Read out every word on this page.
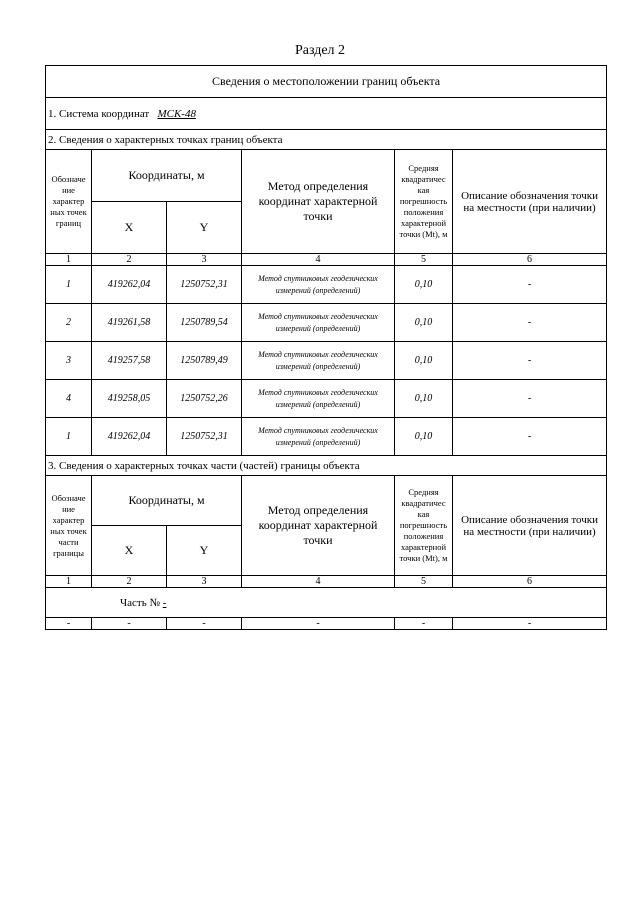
Раздел 2
Сведения о местоположении границ объекта					
1. Система координат МСК-48					
2. Сведения о характерных точках границ объекта					
Обозначе ние характер ных точек границ	Координаты, м		Метод определения координат характерной точки	Средняя квадратичес кая погрешность положения характерной точки (Mt), м	Описание обозначения точки на местности (при наличии)
	X	Y			
1	2	3	4	5	6
1	419262,04	1250752,31	Метод спутниковых геодезических измерений (определений)	0,10	-
2	419261,58	1250789,54	Метод спутниковых геодезических измерений (определений)	0,10	-
3	419257,58	1250789,49	Метод спутниковых геодезических измерений (определений)	0,10	-
4	419258,05	1250752,26	Метод спутниковых геодезических измерений (определений)	0,10	-
1	419262,04	1250752,31	Метод спутниковых геодезических измерений (определений)	0,10	-
3. Сведения о характерных точках части (частей) границы объекта					
Обозначе ние характер ных точек части границы	Координаты, м		Метод определения координат характерной точки	Средняя квадратичес кая погрешность положения характерной точки (Mt), м	Описание обозначения точки на местности (при наличии)
	X	Y			
1	2	3	4	5	6
Часть № -					
-	-	-	-	-	-
